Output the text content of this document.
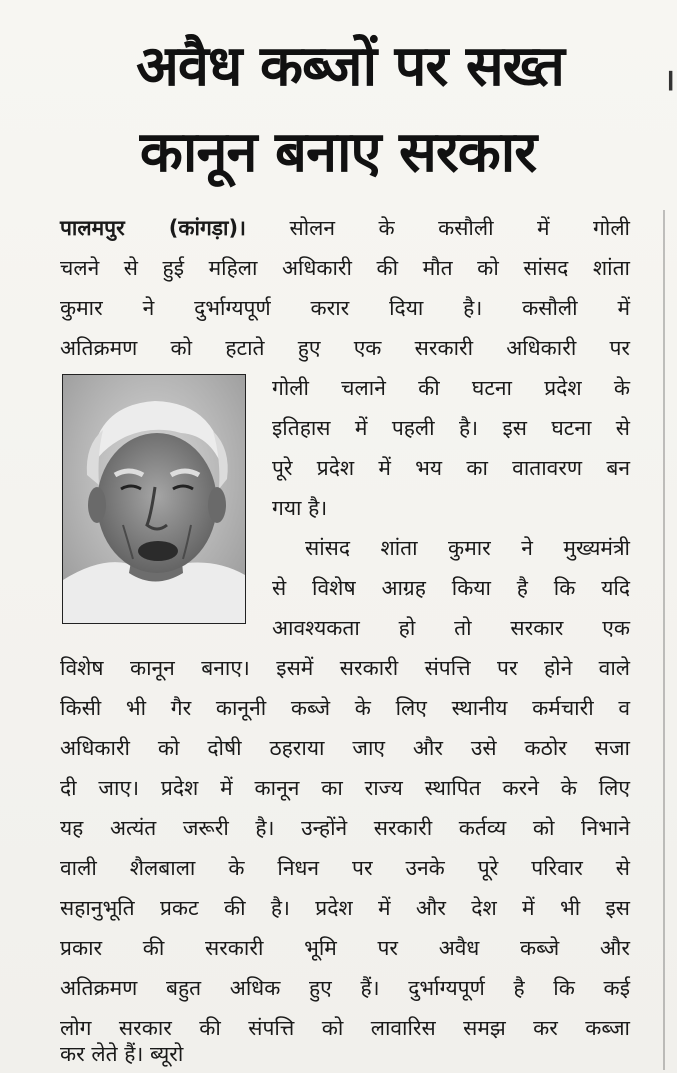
अवैध कब्जों पर सख्त
कानून बनाए सरकार
।
पालमपुर (कांगड़ा)। सोलन के कसौली में गोली
चलने से हुई महिला अधिकारी की मौत को सांसद शांता
कुमार ने दुर्भाग्यपूर्ण करार दिया है। कसौली में
अतिक्रमण को हटाते हुए एक सरकारी अधिकारी पर
गोली चलाने की घटना प्रदेश के
इतिहास में पहली है। इस घटना से
पूरे प्रदेश में भय का वातावरण बन
गया है।
सांसद शांता कुमार ने मुख्यमंत्री
से विशेष आग्रह किया है कि यदि
आवश्यकता हो तो सरकार एक
विशेष कानून बनाए। इसमें सरकारी संपत्ति पर होने वाले
किसी भी गैर कानूनी कब्जे के लिए स्थानीय कर्मचारी व
अधिकारी को दोषी ठहराया जाए और उसे कठोर सजा
दी जाए। प्रदेश में कानून का राज्य स्थापित करने के लिए
यह अत्यंत जरूरी है। उन्होंने सरकारी कर्तव्य को निभाने
वाली शैलबाला के निधन पर उनके पूरे परिवार से
सहानुभूति प्रकट की है। प्रदेश में और देश में भी इस
प्रकार की सरकारी भूमि पर अवैध कब्जे और
अतिक्रमण बहुत अधिक हुए हैं। दुर्भाग्यपूर्ण है कि कई
लोग सरकार की संपत्ति को लावारिस समझ कर कब्जा
कर लेते हैं। ब्यूरो
